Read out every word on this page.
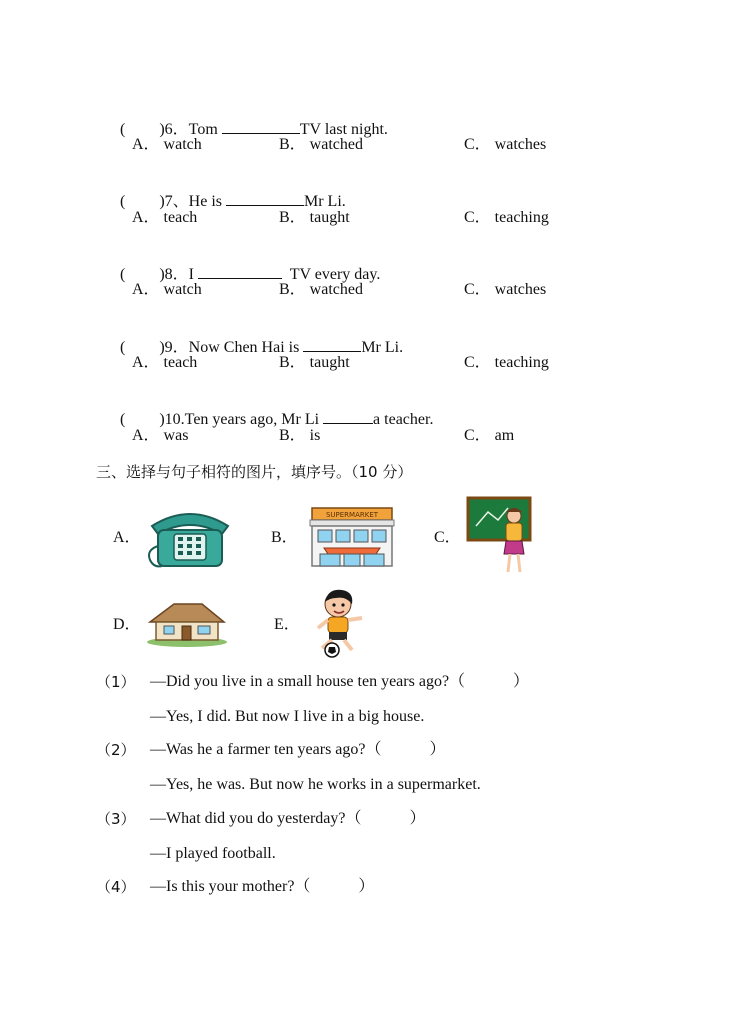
( )6．Tom	TV last night.

A． watch	B． watched	C． watches

( )7、He is	Mr Li.

A． teach	B． taught	C． teaching

( )8．I	TV every day.

A． watch	B． watched	C． watches

( )9．Now Chen Hai is	Mr Li.

A． teach	B． taught	C． teaching

( )10.Ten years ago, Mr Li	a teacher.

A． was	B． is	C． am
三、选择与句子相符的图片，填序号。（10 分）
A．	B．
SUPERMARKET
C．
D．	E．
（1） —Did you live in a small house ten years ago?（            ）
—Yes, I did. But now I live in a big house.
（2） —Was he a farmer ten years ago?（            ）
—Yes, he was. But now he works in a supermarket.
（3） —What did you do yesterday?（            ）
—I played football.
（4） —Is this your mother?（            ）
